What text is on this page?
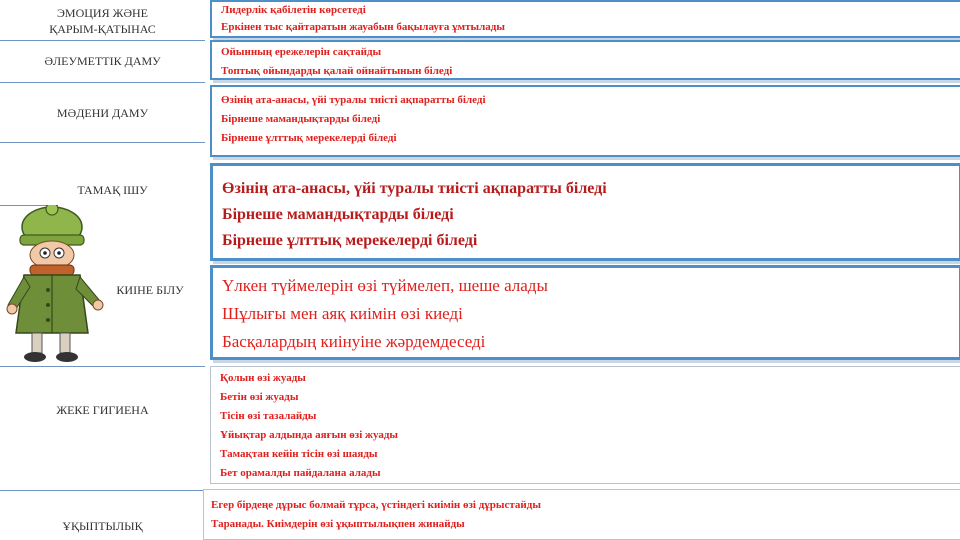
ЭМОЦИЯ ЖӘНЕ
ҚАРЫМ-ҚАТЫНАС
ӘЛЕУМЕТТІК ДАМУ
МӘДЕНИ ДАМУ
ТАМАҚ ІШУ
КИІНЕ БІЛУ
ЖЕКЕ ГИГИЕНА
ҰҚЫПТЫЛЫҚ
Лидерлік қабілетін көрсетеді
Еркінен тыс қайтаратын жауабын бақылауға ұмтылады
Ойынның ережелерін сақтайды
Топтық ойындарды қалай ойнайтынын біледі
Өзінің ата-анасы, үйі туралы тиісті ақпаратты біледі
Бірнеше мамандықтарды біледі
Бірнеше ұлттық мерекелерді біледі
Өзінің ата-анасы, үйі туралы тиісті ақпаратты біледі
Бірнеше мамандықтарды біледі
Бірнеше ұлттық мерекелерді біледі
Үлкен түймелерін өзі түймелеп, шеше алады
Шұлығы мен аяқ киімін өзі киеді
Басқалардың киінуіне жәрдемдеседі
Қолын өзі жуады
Бетін өзі жуады
Тісін өзі тазалайды
Ұйықтар алдында аяғын өзі жуады
Тамақтан кейін тісін өзі шаяды
Бет орамалды пайдалана алады
Егер бірдеңе дұрыс болмай тұрса, үстіндегі киімін өзі дұрыстайды
Таранады. Киімдерін өзі ұқыптылықпен жинайды
